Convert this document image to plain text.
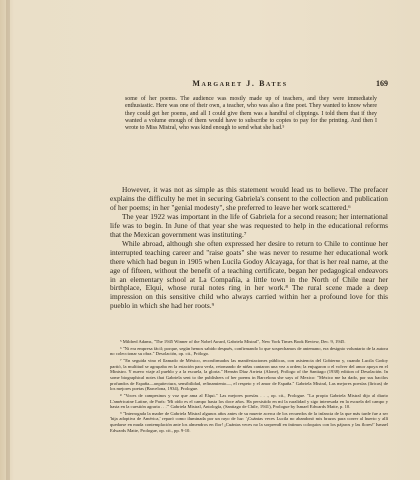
Margaret J. Bates	169

some of her poems. The audience was mostly made up of teachers, and they were immediately enthusiastic. Here was one of their own, a teacher, who was also a fine poet. They wanted to know where they could get her poems, and all I could give them was a handful of clippings. I told them that if they wanted a volume enough of them would have to subscribe to copies to pay for the printing. And then I wrote to Miss Mistral, who was kind enough to send what she had.⁵

However, it was not as simple as this statement would lead us to believe. The prefacer explains the difficulty he met in securing Gabriela's consent to the collection and publication of her poems; in her "genial modesty", she preferred to leave her work scattered.⁶

The year 1922 was important in the life of Gabriela for a second reason; her international life was to begin. In June of that year she was requested to help in the educational reforms that the Mexican government was instituting.⁷

While abroad, although she often expressed her desire to return to Chile to continue her interrupted teaching career and "raise goats" she was never to resume her educational work there which had begun in 1905 when Lucila Godoy Alcayaga, for that is her real name, at the age of fifteen, without the benefit of a teaching certificate, began her pedagogical endeavors in an elementary school at La Compañía, a little town in the North of Chile near her birthplace, Elqui, whose rural notes ring in her work.⁸ The rural scene made a deep impression on this sensitive child who always carried within her a profound love for this pueblo in which she had her roots.⁹

⁵ Mildred Adams, "The 1945 Winner of the Nobel Award, Gabriela Mistral", New York Times Book Review, Dec. 9, 1945.

⁶ "Ni era empresa fácil; porque, según hemos sabido después, confirmando lo que sospechamos de antemano, era designio voluntario de la autora no coleccionar su obra." Desolación, op. cit., Prólogo.

⁷ "En seguida vino el llamado de México, reconfirmados las manifestaciones públicas, con asistencia del Gobierno y, cuando Lucila Godoy partió, la multitud se agrupaba en la estación para verla, retomando de niñas cantaron una vez a orden; la enjugaron o el volver del amor apoya en el Ministro. Y nuevo viaje al pueblo y a la escuela, la gloria." Hernán Díaz Arrieta (Alone), Prólogo of the Santiago (1938) edition of Desolación. In some biographical notes that Gabriela sent to the publishers of her poems in Barcelona she says of Mexico: "México me ha dado, por sus bacilos profundos de España—arquitectura, sensibilidad, refinamiento—, el respeto y el amor de España." Gabriela Mistral, Las mejores poesías (líricas) de los mejores poetas (Barcelona, 1934), Prologue.

⁸ "Voces de campesinos y voz que ama al Elqui." Las mejores poesías . . ., op. cit., Prologue. "La propia Gabriela Mistral dijo al diario L'américaine Latine, de París: 'Mi oído es el campo hasta los doce años. Ha persistido en mí la ruralidad y sigo interesada en la escuela del campo y hasta en la cuestión agraria . . .'" Gabriela Mistral, Antología, (Santiago de Chile, 1941), Prologue by Ismael Edwards Matte, p. 10.

⁹ "Interrogada la madre de Gabriela Mistral algunos años antes de su muerte acerca de los recuerdos de la infancia de la que más tarde fue a ser 'hija adoptiva de América,' reparó como iluminada por un rayo de luz: '¡Cuántas veces Lucila no abandonó mis brazos para correr al huerto y allí quedarse en muda contemplación ante los almendros en flor! ¡Cuántas veces no la sorprendí en íntimos coloquios con los pájaros y las flores!' Ismael Edwards Matte, Prologue, op. cit., pp. 9-10.
